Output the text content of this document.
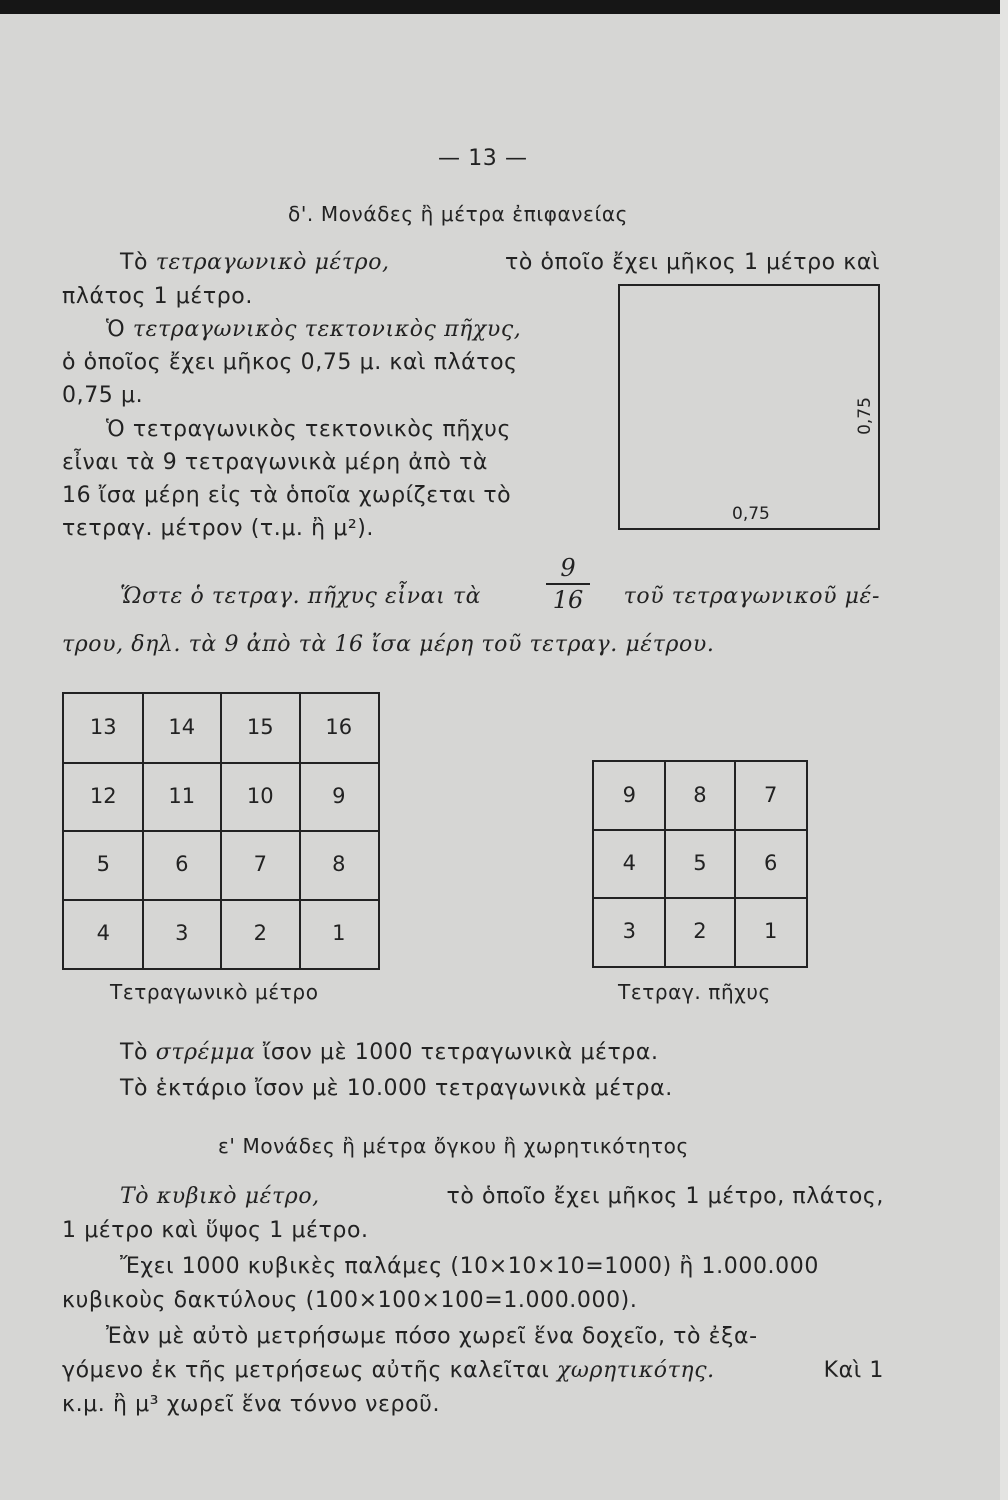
— 13 —
δ'. Μονάδες ἢ μέτρα ἐπιφανείας
Τὸ τετραγωνικὸ μέτρο,	τὸ ὁποῖο ἔχει μῆκος 1 μέτρο καὶ
πλάτος 1 μέτρο.
Ὁ τετραγωνικὸς τεκτονικὸς πῆχυς,
ὁ ὁποῖος ἔχει μῆκος 0,75 μ. καὶ πλάτος
0,75 μ.
Ὁ τετραγωνικὸς τεκτονικὸς πῆχυς
εἶναι τὰ 9 τετραγωνικὰ μέρη ἀπὸ τὰ
16 ἴσα μέρη εἰς τὰ ὁποῖα χωρίζεται τὸ
τετραγ. μέτρον (τ.μ. ἢ μ²).
0,75
0,75
Ὥστε ὁ τετραγ. πῆχυς εἶναι τὰ
9
16	τοῦ τετραγωνικοῦ μέ-
τρου, δηλ. τὰ 9 ἀπὸ τὰ 16 ἴσα μέρη τοῦ τετραγ. μέτρου.
13	14	15	16
12	11	10	9
5	6	7	8
4	3	2	1
Τετραγωνικὸ μέτρο
9	8	7
4	5	6
3	2	1
Τετραγ. πῆχυς
Τὸ στρέμμα ἴσον μὲ 1000 τετραγωνικὰ μέτρα.
Τὸ ἑκτάριο ἴσον μὲ 10.000 τετραγωνικὰ μέτρα.
ε' Μονάδες ἢ μέτρα ὄγκου ἢ χωρητικότητος
Τὸ κυβικὸ μέτρο,	τὸ ὁποῖο ἔχει μῆκος 1 μέτρο, πλάτος,
1 μέτρο καὶ ὕψος 1 μέτρο.
Ἔχει 1000 κυβικὲς παλάμες (10×10×10=1000) ἢ 1.000.000
κυβικοὺς δακτύλους (100×100×100=1.000.000).
Ἐὰν μὲ αὐτὸ μετρήσωμε πόσο χωρεῖ ἕνα δοχεῖο, τὸ ἐξα-
γόμενο ἐκ τῆς μετρήσεως αὐτῆς καλεῖται χωρητικότης.	Καὶ 1
κ.μ. ἢ μ³ χωρεῖ ἕνα τόννο νεροῦ.
